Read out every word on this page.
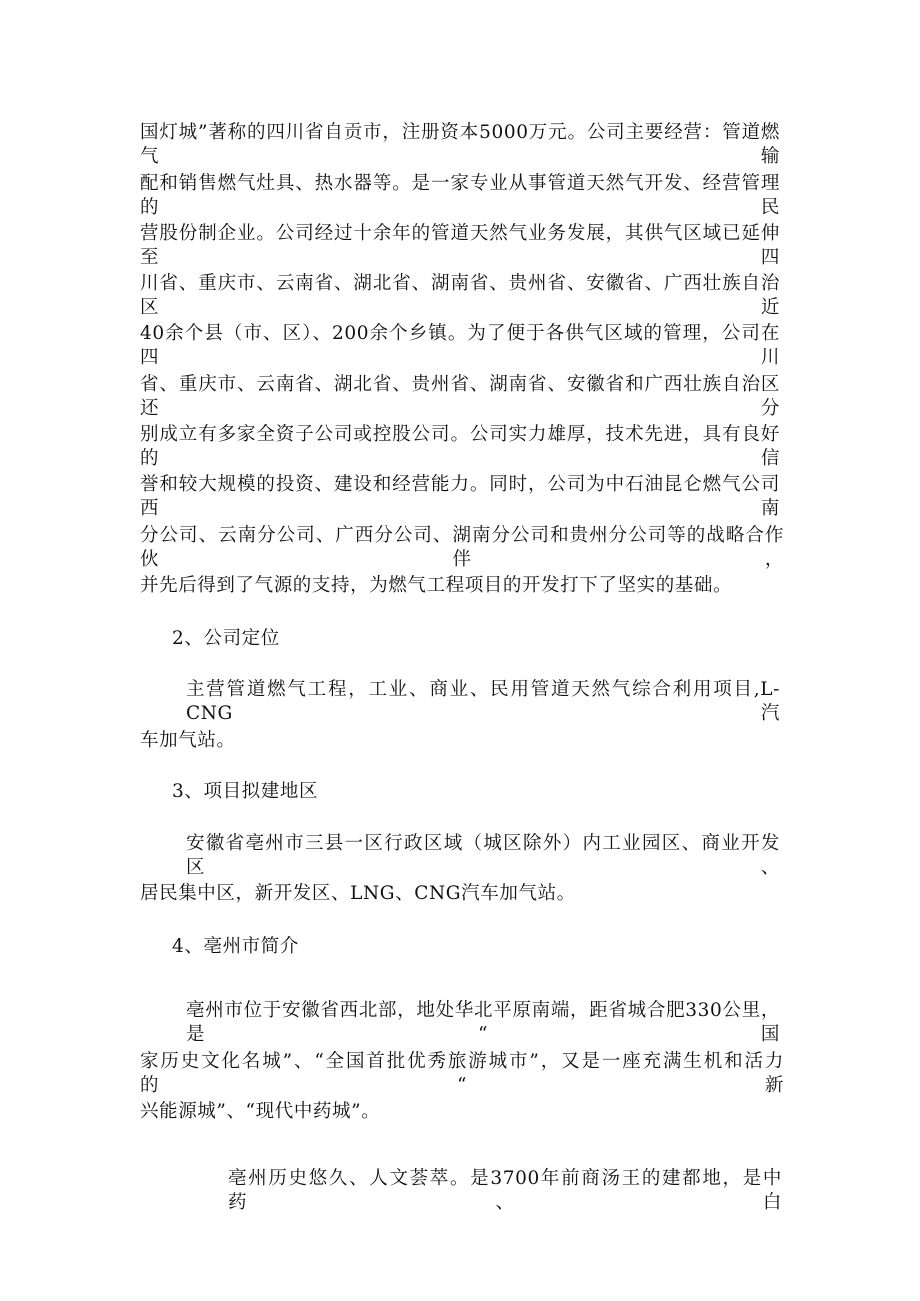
国灯城”著称的四川省自贡市，注册资本5000万元。公司主要经营：管道燃气输
配和销售燃气灶具、热水器等。是一家专业从事管道天然气开发、经营管理的民
营股份制企业。公司经过十余年的管道天然气业务发展，其供气区域已延伸至四
川省、重庆市、云南省、湖北省、湖南省、贵州省、安徽省、广西壮族自治区近
40余个县（市、区）、200余个乡镇。为了便于各供气区域的管理，公司在四川
省、重庆市、云南省、湖北省、贵州省、湖南省、安徽省和广西壮族自治区还分
别成立有多家全资子公司或控股公司。公司实力雄厚，技术先进，具有良好的信
誉和较大规模的投资、建设和经营能力。同时，公司为中石油昆仑燃气公司西南
分公司、云南分公司、广西分公司、湖南分公司和贵州分公司等的战略合作伙伴，
并先后得到了气源的支持，为燃气工程项目的开发打下了坚实的基础。
2、公司定位
主营管道燃气工程，工业、商业、民用管道天然气综合利用项目,L-CNG汽
车加气站。
3、项目拟建地区
安徽省亳州市三县一区行政区域（城区除外）内工业园区、商业开发区、
居民集中区，新开发区、LNG、CNG汽车加气站。
4、亳州市简介
亳州市位于安徽省西北部，地处华北平原南端，距省城合肥330公里，是“国
家历史文化名城”、“全国首批优秀旅游城市”，又是一座充满生机和活力的“新
兴能源城”、“现代中药城”。
亳州历史悠久、人文荟萃。是3700年前商汤王的建都地，是中药、白
